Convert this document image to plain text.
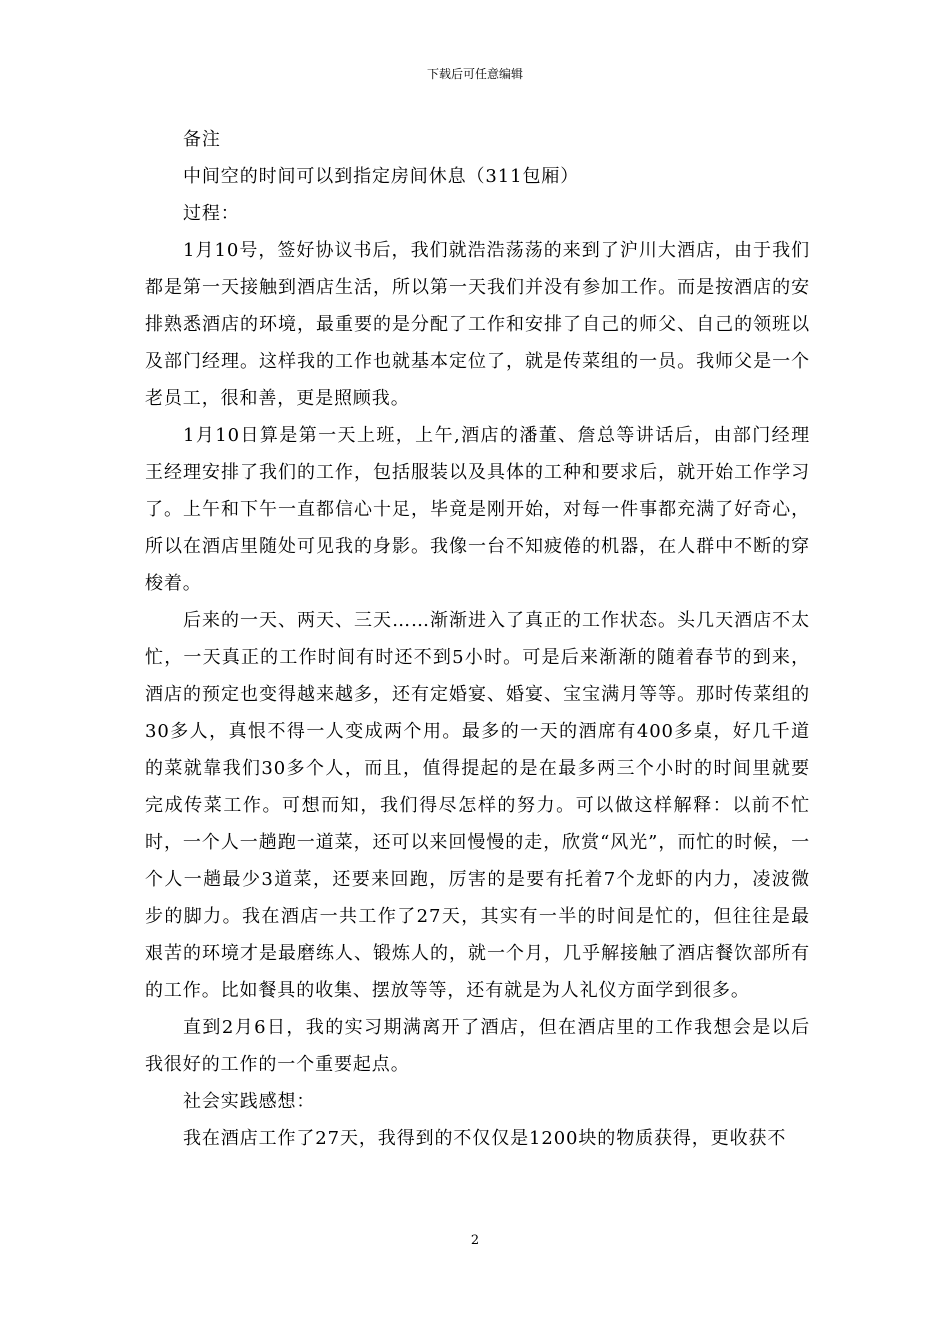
下载后可任意编辑

备注

中间空的时间可以到指定房间休息（311包厢）

过程：

1月10号，签好协议书后，我们就浩浩荡荡的来到了沪川大酒店，由于我们都是第一天接触到酒店生活，所以第一天我们并没有参加工作。而是按酒店的安排熟悉酒店的环境，最重要的是分配了工作和安排了自己的师父、自己的领班以及部门经理。这样我的工作也就基本定位了，就是传菜组的一员。我师父是一个老员工，很和善，更是照顾我。

1月10日算是第一天上班，上午,酒店的潘董、詹总等讲话后，由部门经理王经理安排了我们的工作，包括服装以及具体的工种和要求后，就开始工作学习了。上午和下午一直都信心十足，毕竟是刚开始，对每一件事都充满了好奇心，所以在酒店里随处可见我的身影。我像一台不知疲倦的机器，在人群中不断的穿梭着。

后来的一天、两天、三天……渐渐进入了真正的工作状态。头几天酒店不太忙，一天真正的工作时间有时还不到5小时。可是后来渐渐的随着春节的到来，酒店的预定也变得越来越多，还有定婚宴、婚宴、宝宝满月等等。那时传菜组的30多人，真恨不得一人变成两个用。最多的一天的酒席有400多桌，好几千道的菜就靠我们30多个人，而且，值得提起的是在最多两三个小时的时间里就要完成传菜工作。可想而知，我们得尽怎样的努力。可以做这样解释：以前不忙时，一个人一趟跑一道菜，还可以来回慢慢的走，欣赏“风光”，而忙的时候，一个人一趟最少3道菜，还要来回跑，厉害的是要有托着7个龙虾的内力，凌波微步的脚力。我在酒店一共工作了27天，其实有一半的时间是忙的，但往往是最艰苦的环境才是最磨练人、锻炼人的，就一个月，几乎解接触了酒店餐饮部所有的工作。比如餐具的收集、摆放等等，还有就是为人礼仪方面学到很多。

直到2月6日，我的实习期满离开了酒店，但在酒店里的工作我想会是以后我很好的工作的一个重要起点。

社会实践感想：

我在酒店工作了27天，我得到的不仅仅是1200块的物质获得，更收获不

2
